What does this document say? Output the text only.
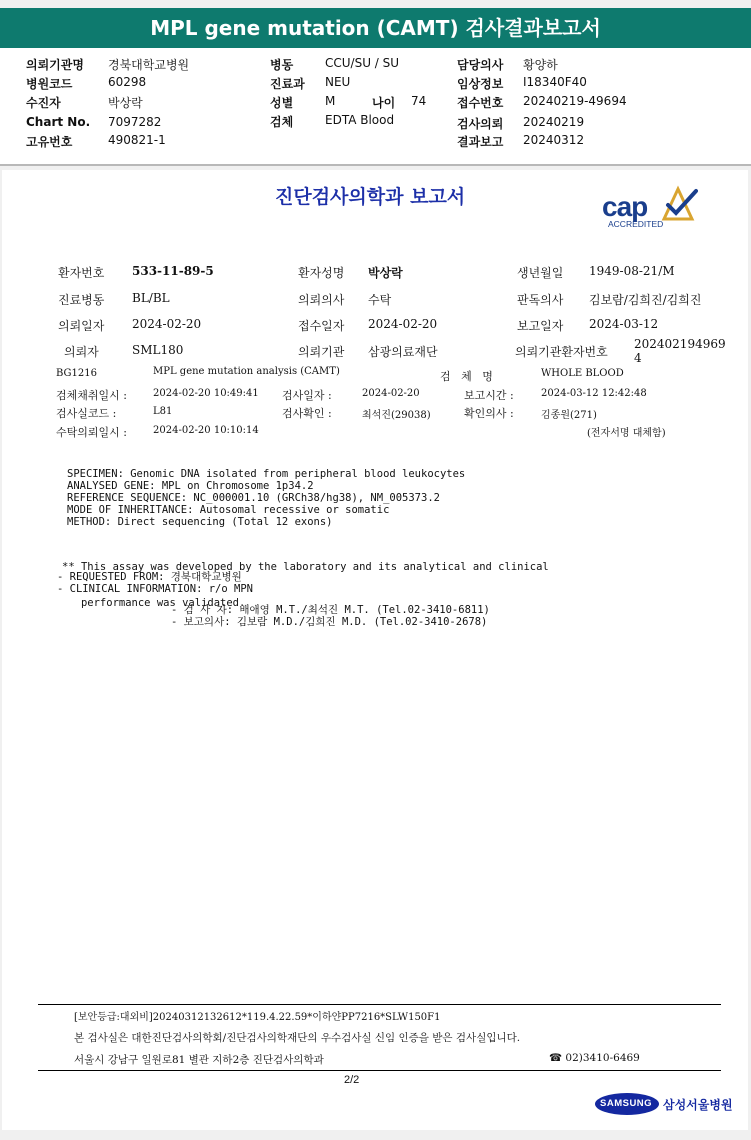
MPL gene mutation (CAMT) 검사결과보고서
의뢰기관명 경북대학교병원
병원코드	60298
수진자	박상락
Chart No. 7097282
고유번호	490821-1
병동	CCU/SU / SU
진료과 NEU
성별	M	나이 74
검체	EDTA Blood
담당의사 황양하
임상정보 I18340F40
접수번호 20240219-49694
검사의뢰 20240219
결과보고 20240312
진단검사의학과 보고서	cap
ACCREDITED
환자번호 533-11-89-5	환자성명 박상락	생년월일 1949-08-21/M
진료병동 BL/BL	의뢰의사 수탁	판독의사 김보람/김희진/김희진
의뢰일자 2024-02-20	접수일자 2024-02-20	보고일자 2024-03-12
의뢰자	SML180	의뢰기관 삼광의료재단	의뢰기관환자번호
202402194969
4
BG1216	MPL gene mutation analysis (CAMT)	검   체   명	WHOLE BLOOD
검체채취일시 :	2024-02-20 10:49:41 검사일자 :	2024-02-20	보고시간 :	2024-03-12 12:42:48
검사실코드 :	L81	검사확인 :	최석진(29038)	확인의사 :	김종원(271)
수탁의뢰일시 :	2024-02-20 10:10:14	(전자서명 대체함)
SPECIMEN: Genomic DNA isolated from peripheral blood leukocytes
ANALYSED GENE: MPL on Chromosome 1p34.2
REFERENCE SEQUENCE: NC_000001.10 (GRCh38/hg38), NM_005373.2
MODE OF INHERITANCE: Autosomal recessive or somatic
METHOD: Direct sequencing (Total 12 exons)

** This assay was developed by the laboratory and its analytical and clinical

performance was validated.

- REQUESTED FROM: 경북대학교병원
- CLINICAL INFORMATION: r/o MPN
- 검 사 자: 배애영 M.T./최석진 M.T. (Tel.02-3410-6811)
- 보고의사: 김보람 M.D./김희진 M.D. (Tel.02-3410-2678)
[보안등급:대외비]20240312132612*119.4.22.59*이하얀PP7216*SLW150F1
본 검사실은 대한진단검사의학회/진단검사의학재단의 우수검사실 신임 인증을 받은 검사실입니다.
서울시 강남구 일원로81 별관 지하2층 진단검사의학과	☎ 02)3410-6469
2/2
SAMSUNG 삼성서울병원
